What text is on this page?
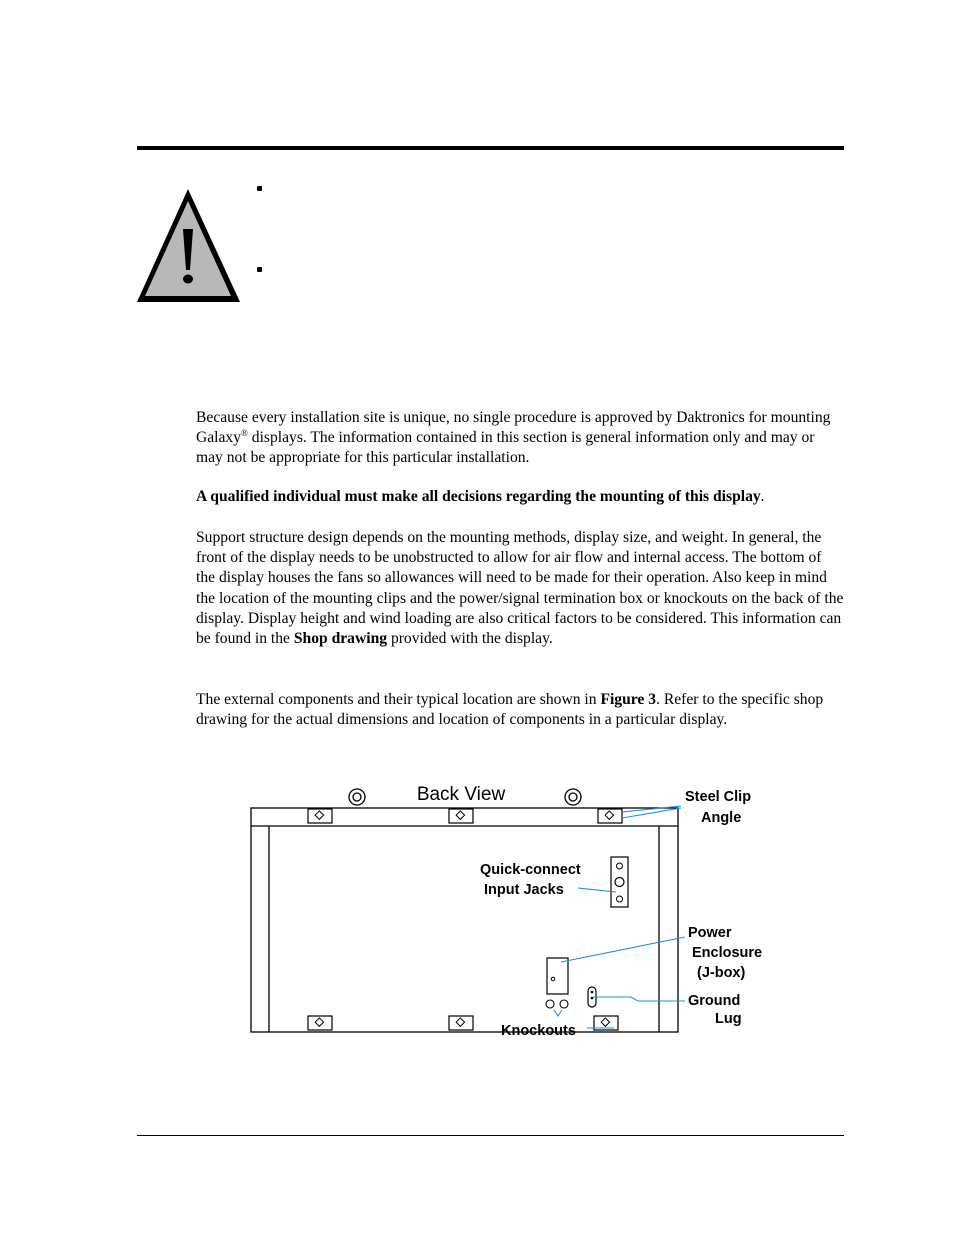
Because every installation site is unique, no single procedure is approved by Daktronics for mounting Galaxy® displays. The information contained in this section is general information only and may or may not be appropriate for this particular installation.

A qualified individual must make all decisions regarding the mounting of this display.

Support structure design depends on the mounting methods, display size, and weight. In general, the front of the display needs to be unobstructed to allow for air flow and internal access. The bottom of the display houses the fans so allowances will need to be made for their operation. Also keep in mind the location of the mounting clips and the power/signal termination box or knockouts on the back of the display. Display height and wind loading are also critical factors to be considered. This information can be found in the Shop drawing provided with the display.

The external components and their typical location are shown in Figure 3. Refer to the specific shop drawing for the actual dimensions and location of components in a particular display.

Back View	Steel Clip
Angle
Quick-connect
Input Jacks
Power
Enclosure
(J-box)
Ground
Lug
Knockouts
